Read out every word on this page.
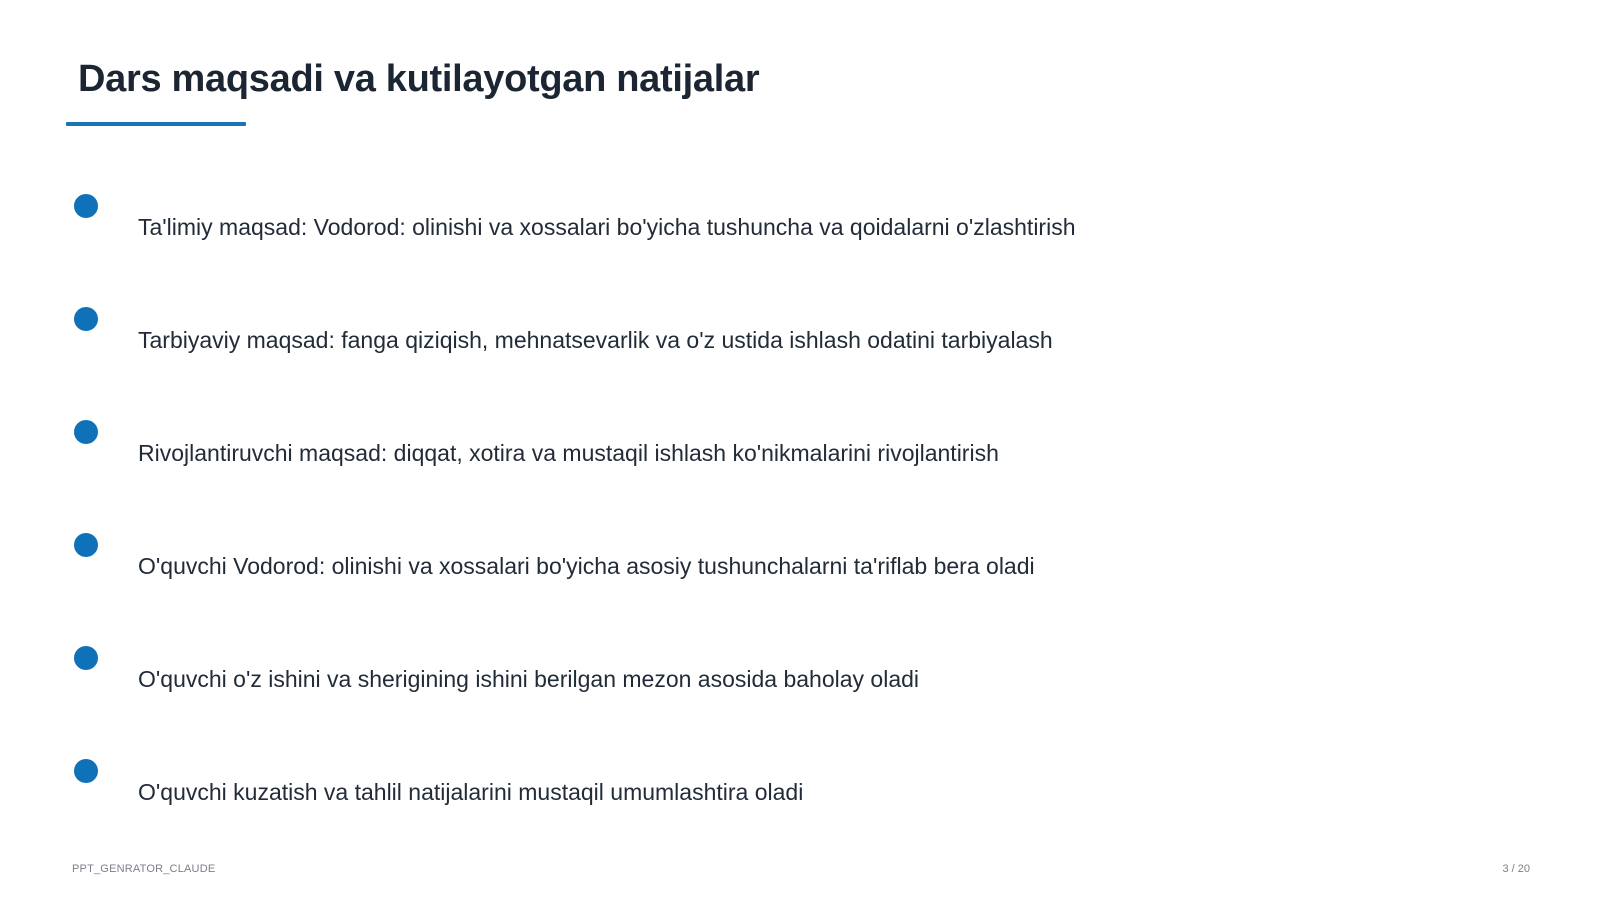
Dars maqsadi va kutilayotgan natijalar
Ta'limiy maqsad: Vodorod: olinishi va xossalari bo'yicha tushuncha va qoidalarni o'zlashtirish
Tarbiyaviy maqsad: fanga qiziqish, mehnatsevarlik va o'z ustida ishlash odatini tarbiyalash
Rivojlantiruvchi maqsad: diqqat, xotira va mustaqil ishlash ko'nikmalarini rivojlantirish
O'quvchi Vodorod: olinishi va xossalari bo'yicha asosiy tushunchalarni ta'riflab bera oladi
O'quvchi o'z ishini va sherigining ishini berilgan mezon asosida baholay oladi
O'quvchi kuzatish va tahlil natijalarini mustaqil umumlashtira oladi
PPT_GENRATOR_CLAUDE	3 / 20
